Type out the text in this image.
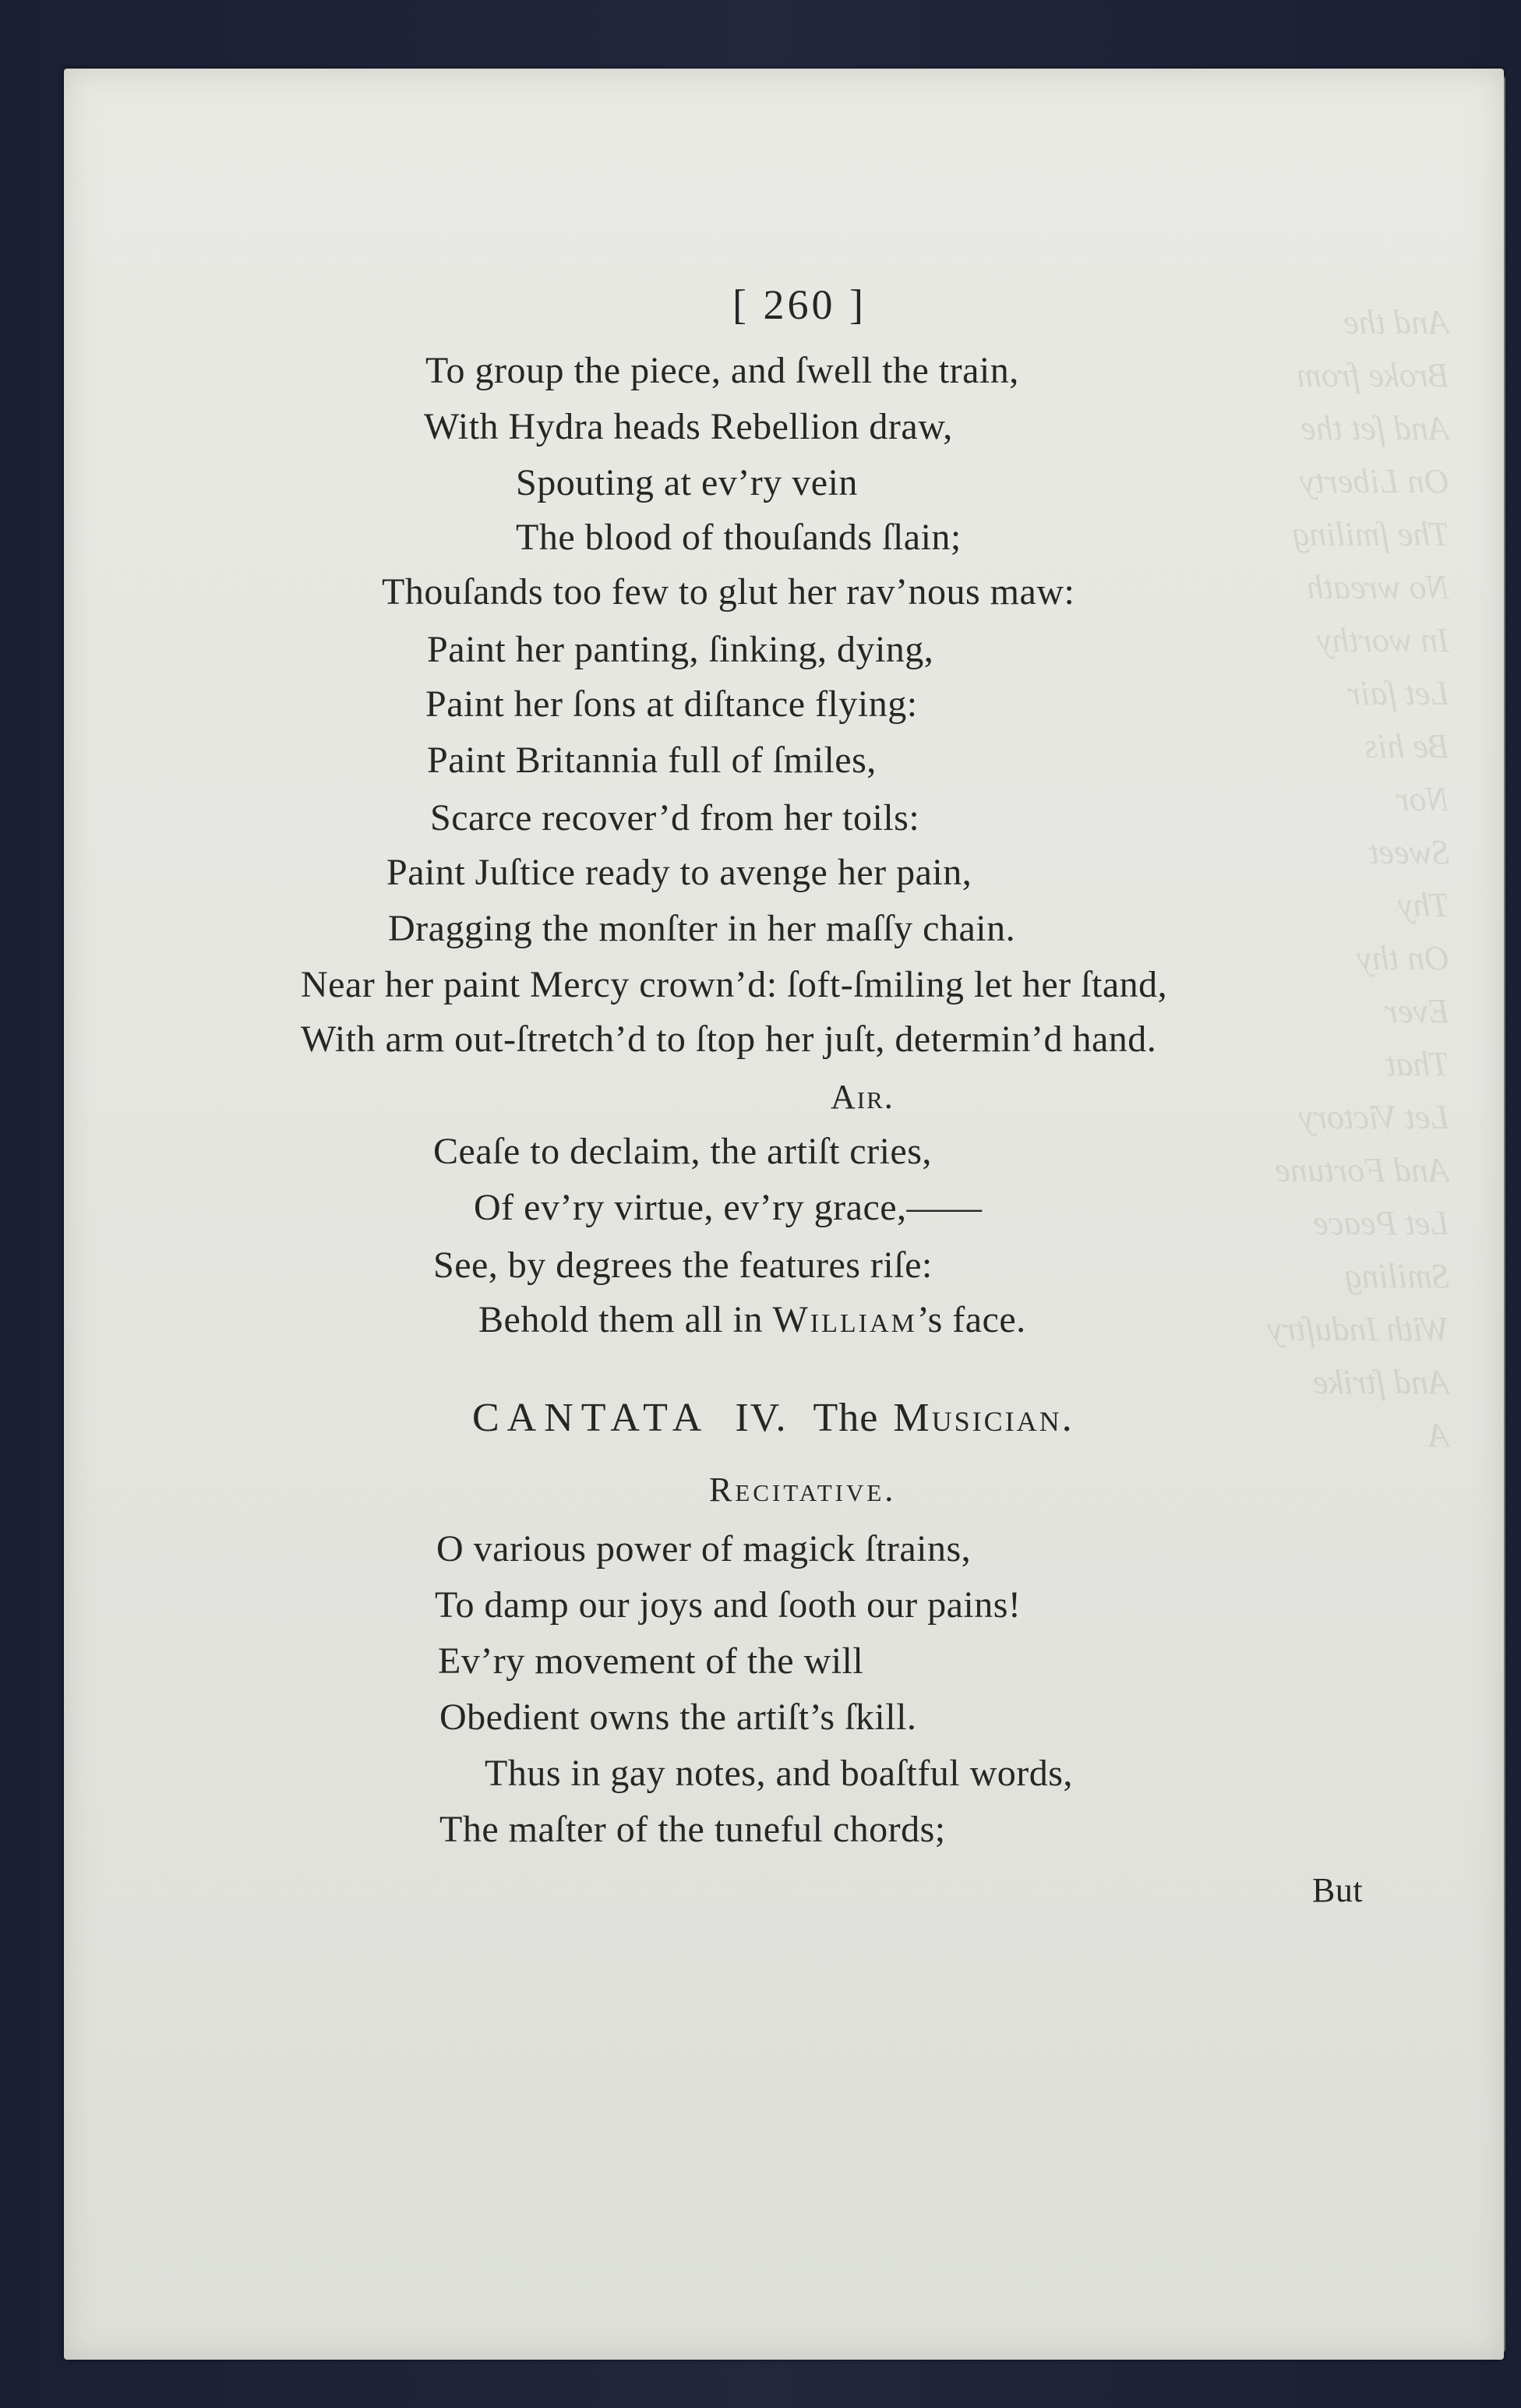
And the
Broke from
And ſet the
On Liberty
The ſmiling
No wreath
In worthy
Let ſair
Be his
Nor
Sweet
Thy
On thy
Ever
That
Let Victory
And Fortune
Let Peace
Smiling
With Induſtry
And ſtrike
A
[ 260 ]
To group the piece, and ſwell the train,
With Hydra heads Rebellion draw,
Spouting at ev’ry vein
The blood of thouſands ſlain;
Thouſands too few to glut her rav’nous maw:
Paint her panting, ſinking, dying,
Paint her ſons at diſtance flying:
Paint Britannia full of ſmiles,
Scarce recover’d from her toils:
Paint Juſtice ready to avenge her pain,
Dragging the monſter in her maſſy chain.
Near her paint Mercy crown’d: ſoft-ſmiling let her ſtand,
With arm out-ſtretch’d to ſtop her juſt, determin’d hand.
Air.
Ceaſe to declaim, the artiſt cries,
Of ev’ry virtue, ev’ry grace,——
See, by degrees the features riſe:
Behold them all in William’s face.
CANTATA IV. The Musician.
Recitative.
O various power of magick ſtrains,
To damp our joys and ſooth our pains!
Ev’ry movement of the will
Obedient owns the artiſt’s ſkill.
Thus in gay notes, and boaſtful words,
The maſter of the tuneful chords;
But
